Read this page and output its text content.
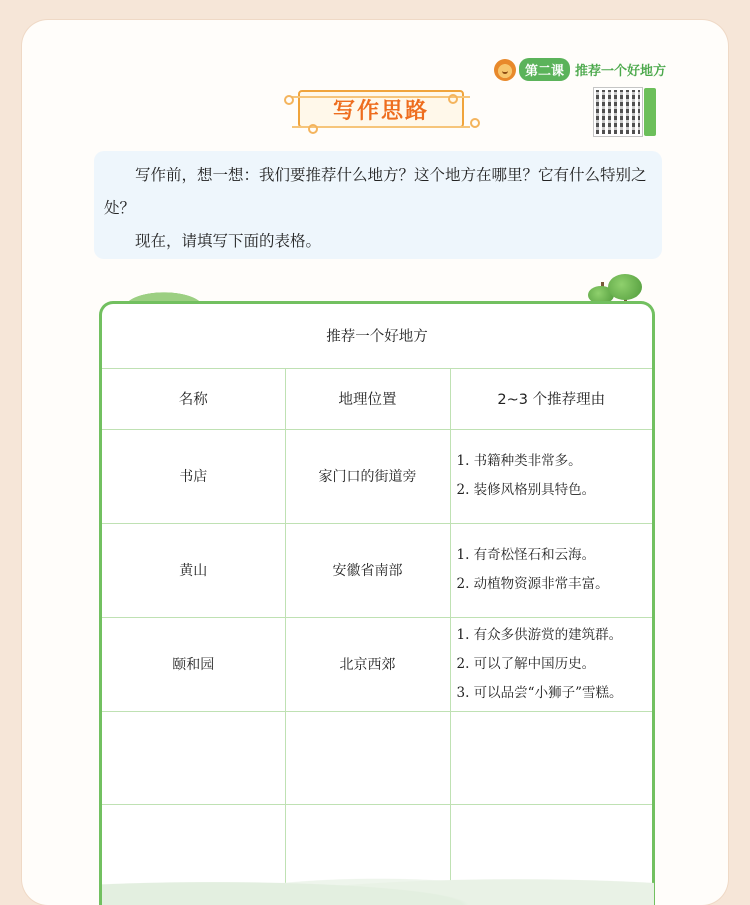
第二课 推荐一个好地方
写作思路

写作前，想一想：我们要推荐什么地方？这个地方在哪里？它有什么特别之处？

现在，请填写下面的表格。

推荐一个好地方		
名称	地理位置	2~3 个推荐理由
书店	家门口的街道旁	1. 书籍种类非常多。
2. 装修风格别具特色。

黄山	安徽省南部	1. 有奇松怪石和云海。
2. 动植物资源非常丰富。

颐和园	北京西郊	1. 有众多供游赏的建筑群。
2. 可以了解中国历史。
3. 可以品尝“小狮子”雪糕。
